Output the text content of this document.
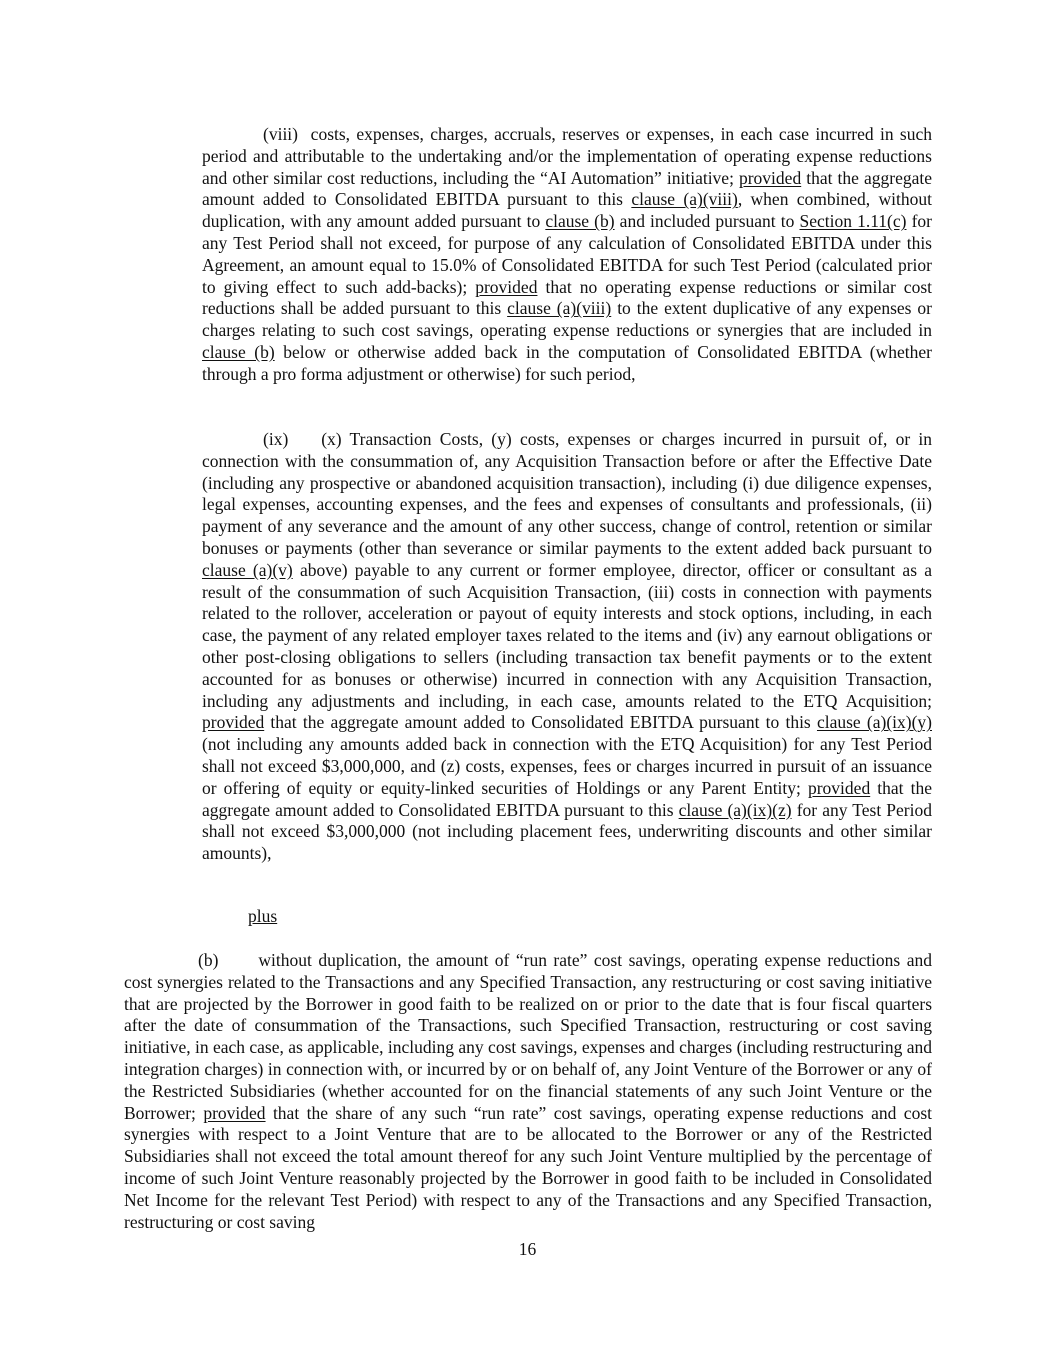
(viii) costs, expenses, charges, accruals, reserves or expenses, in each case incurred in such period and attributable to the undertaking and/or the implementation of operating expense reductions and other similar cost reductions, including the “AI Automation” initiative; provided that the aggregate amount added to Consolidated EBITDA pursuant to this clause (a)(viii), when combined, without duplication, with any amount added pursuant to clause (b) and included pursuant to Section 1.11(c) for any Test Period shall not exceed, for purpose of any calculation of Consolidated EBITDA under this Agreement, an amount equal to 15.0% of Consolidated EBITDA for such Test Period (calculated prior to giving effect to such add-backs); provided that no operating expense reductions or similar cost reductions shall be added pursuant to this clause (a)(viii) to the extent duplicative of any expenses or charges relating to such cost savings, operating expense reductions or synergies that are included in clause (b) below or otherwise added back in the computation of Consolidated EBITDA (whether through a pro forma adjustment or otherwise) for such period,

(ix) (x) Transaction Costs, (y) costs, expenses or charges incurred in pursuit of, or in connection with the consummation of, any Acquisition Transaction before or after the Effective Date (including any prospective or abandoned acquisition transaction), including (i) due diligence expenses, legal expenses, accounting expenses, and the fees and expenses of consultants and professionals, (ii) payment of any severance and the amount of any other success, change of control, retention or similar bonuses or payments (other than severance or similar payments to the extent added back pursuant to clause (a)(v) above) payable to any current or former employee, director, officer or consultant as a result of the consummation of such Acquisition Transaction, (iii) costs in connection with payments related to the rollover, acceleration or payout of equity interests and stock options, including, in each case, the payment of any related employer taxes related to the items and (iv) any earnout obligations or other post-closing obligations to sellers (including transaction tax benefit payments or to the extent accounted for as bonuses or otherwise) incurred in connection with any Acquisition Transaction, including any adjustments and including, in each case, amounts related to the ETQ Acquisition; provided that the aggregate amount added to Consolidated EBITDA pursuant to this clause (a)(ix)(y) (not including any amounts added back in connection with the ETQ Acquisition) for any Test Period shall not exceed $3,000,000, and (z) costs, expenses, fees or charges incurred in pursuit of an issuance or offering of equity or equity-linked securities of Holdings or any Parent Entity; provided that the aggregate amount added to Consolidated EBITDA pursuant to this clause (a)(ix)(z) for any Test Period shall not exceed $3,000,000 (not including placement fees, underwriting discounts and other similar amounts),

plus

(b) without duplication, the amount of “run rate” cost savings, operating expense reductions and cost synergies related to the Transactions and any Specified Transaction, any restructuring or cost saving initiative that are projected by the Borrower in good faith to be realized on or prior to the date that is four fiscal quarters after the date of consummation of the Transactions, such Specified Transaction, restructuring or cost saving initiative, in each case, as applicable, including any cost savings, expenses and charges (including restructuring and integration charges) in connection with, or incurred by or on behalf of, any Joint Venture of the Borrower or any of the Restricted Subsidiaries (whether accounted for on the financial statements of any such Joint Venture or the Borrower; provided that the share of any such “run rate” cost savings, operating expense reductions and cost synergies with respect to a Joint Venture that are to be allocated to the Borrower or any of the Restricted Subsidiaries shall not exceed the total amount thereof for any such Joint Venture multiplied by the percentage of income of such Joint Venture reasonably projected by the Borrower in good faith to be included in Consolidated Net Income for the relevant Test Period) with respect to any of the Transactions and any Specified Transaction, restructuring or cost saving

16
